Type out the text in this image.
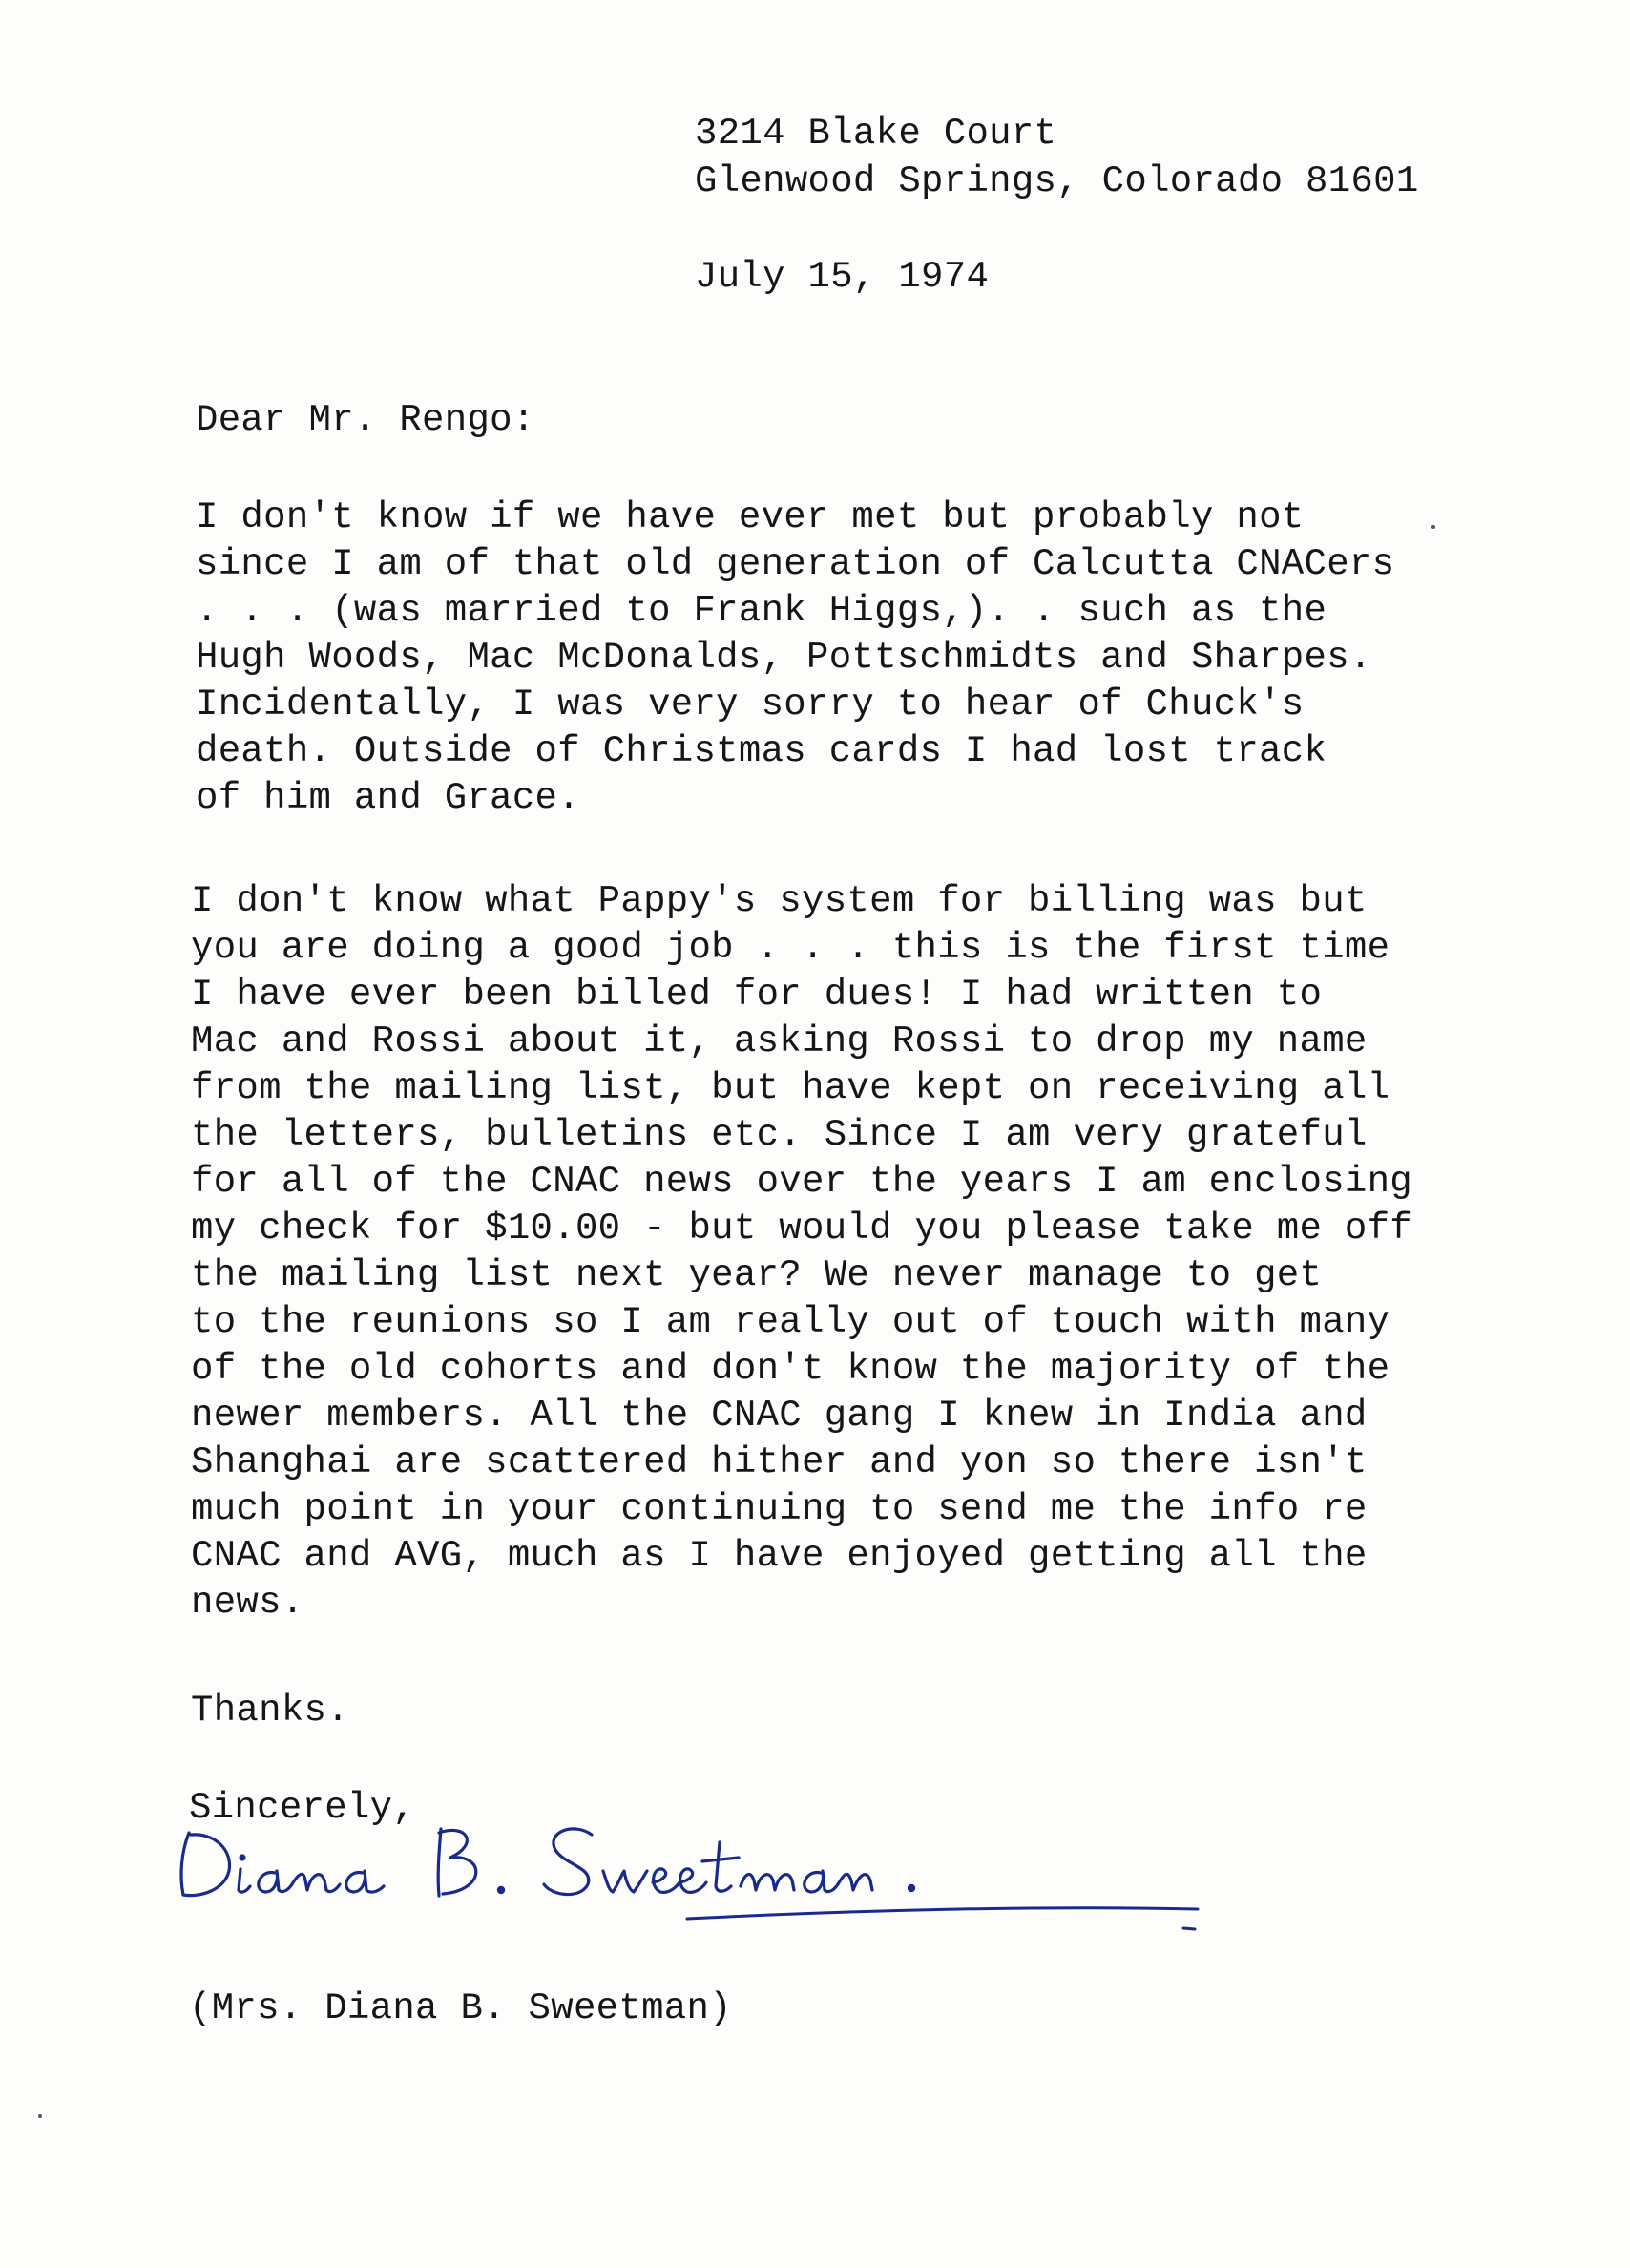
3214 Blake Court
Glenwood Springs, Colorado 81601
July 15, 1974
Dear Mr. Rengo:
I don't know if we have ever met but probably not
since I am of that old generation of Calcutta CNACers
. . . (was married to Frank Higgs,). . such as the
Hugh Woods, Mac McDonalds, Pottschmidts and Sharpes.
Incidentally, I was very sorry to hear of Chuck's
death. Outside of Christmas cards I had lost track
of him and Grace.
I don't know what Pappy's system for billing was but
you are doing a good job . . . this is the first time
I have ever been billed for dues! I had written to
Mac and Rossi about it, asking Rossi to drop my name
from the mailing list, but have kept on receiving all
the letters, bulletins etc. Since I am very grateful
for all of the CNAC news over the years I am enclosing
my check for $10.00 - but would you please take me off
the mailing list next year? We never manage to get
to the reunions so I am really out of touch with many
of the old cohorts and don't know the majority of the
newer members. All the CNAC gang I knew in India and
Shanghai are scattered hither and yon so there isn't
much point in your continuing to send me the info re
CNAC and AVG, much as I have enjoyed getting all the
news.
Thanks.
Sincerely,
(Mrs. Diana B. Sweetman)
